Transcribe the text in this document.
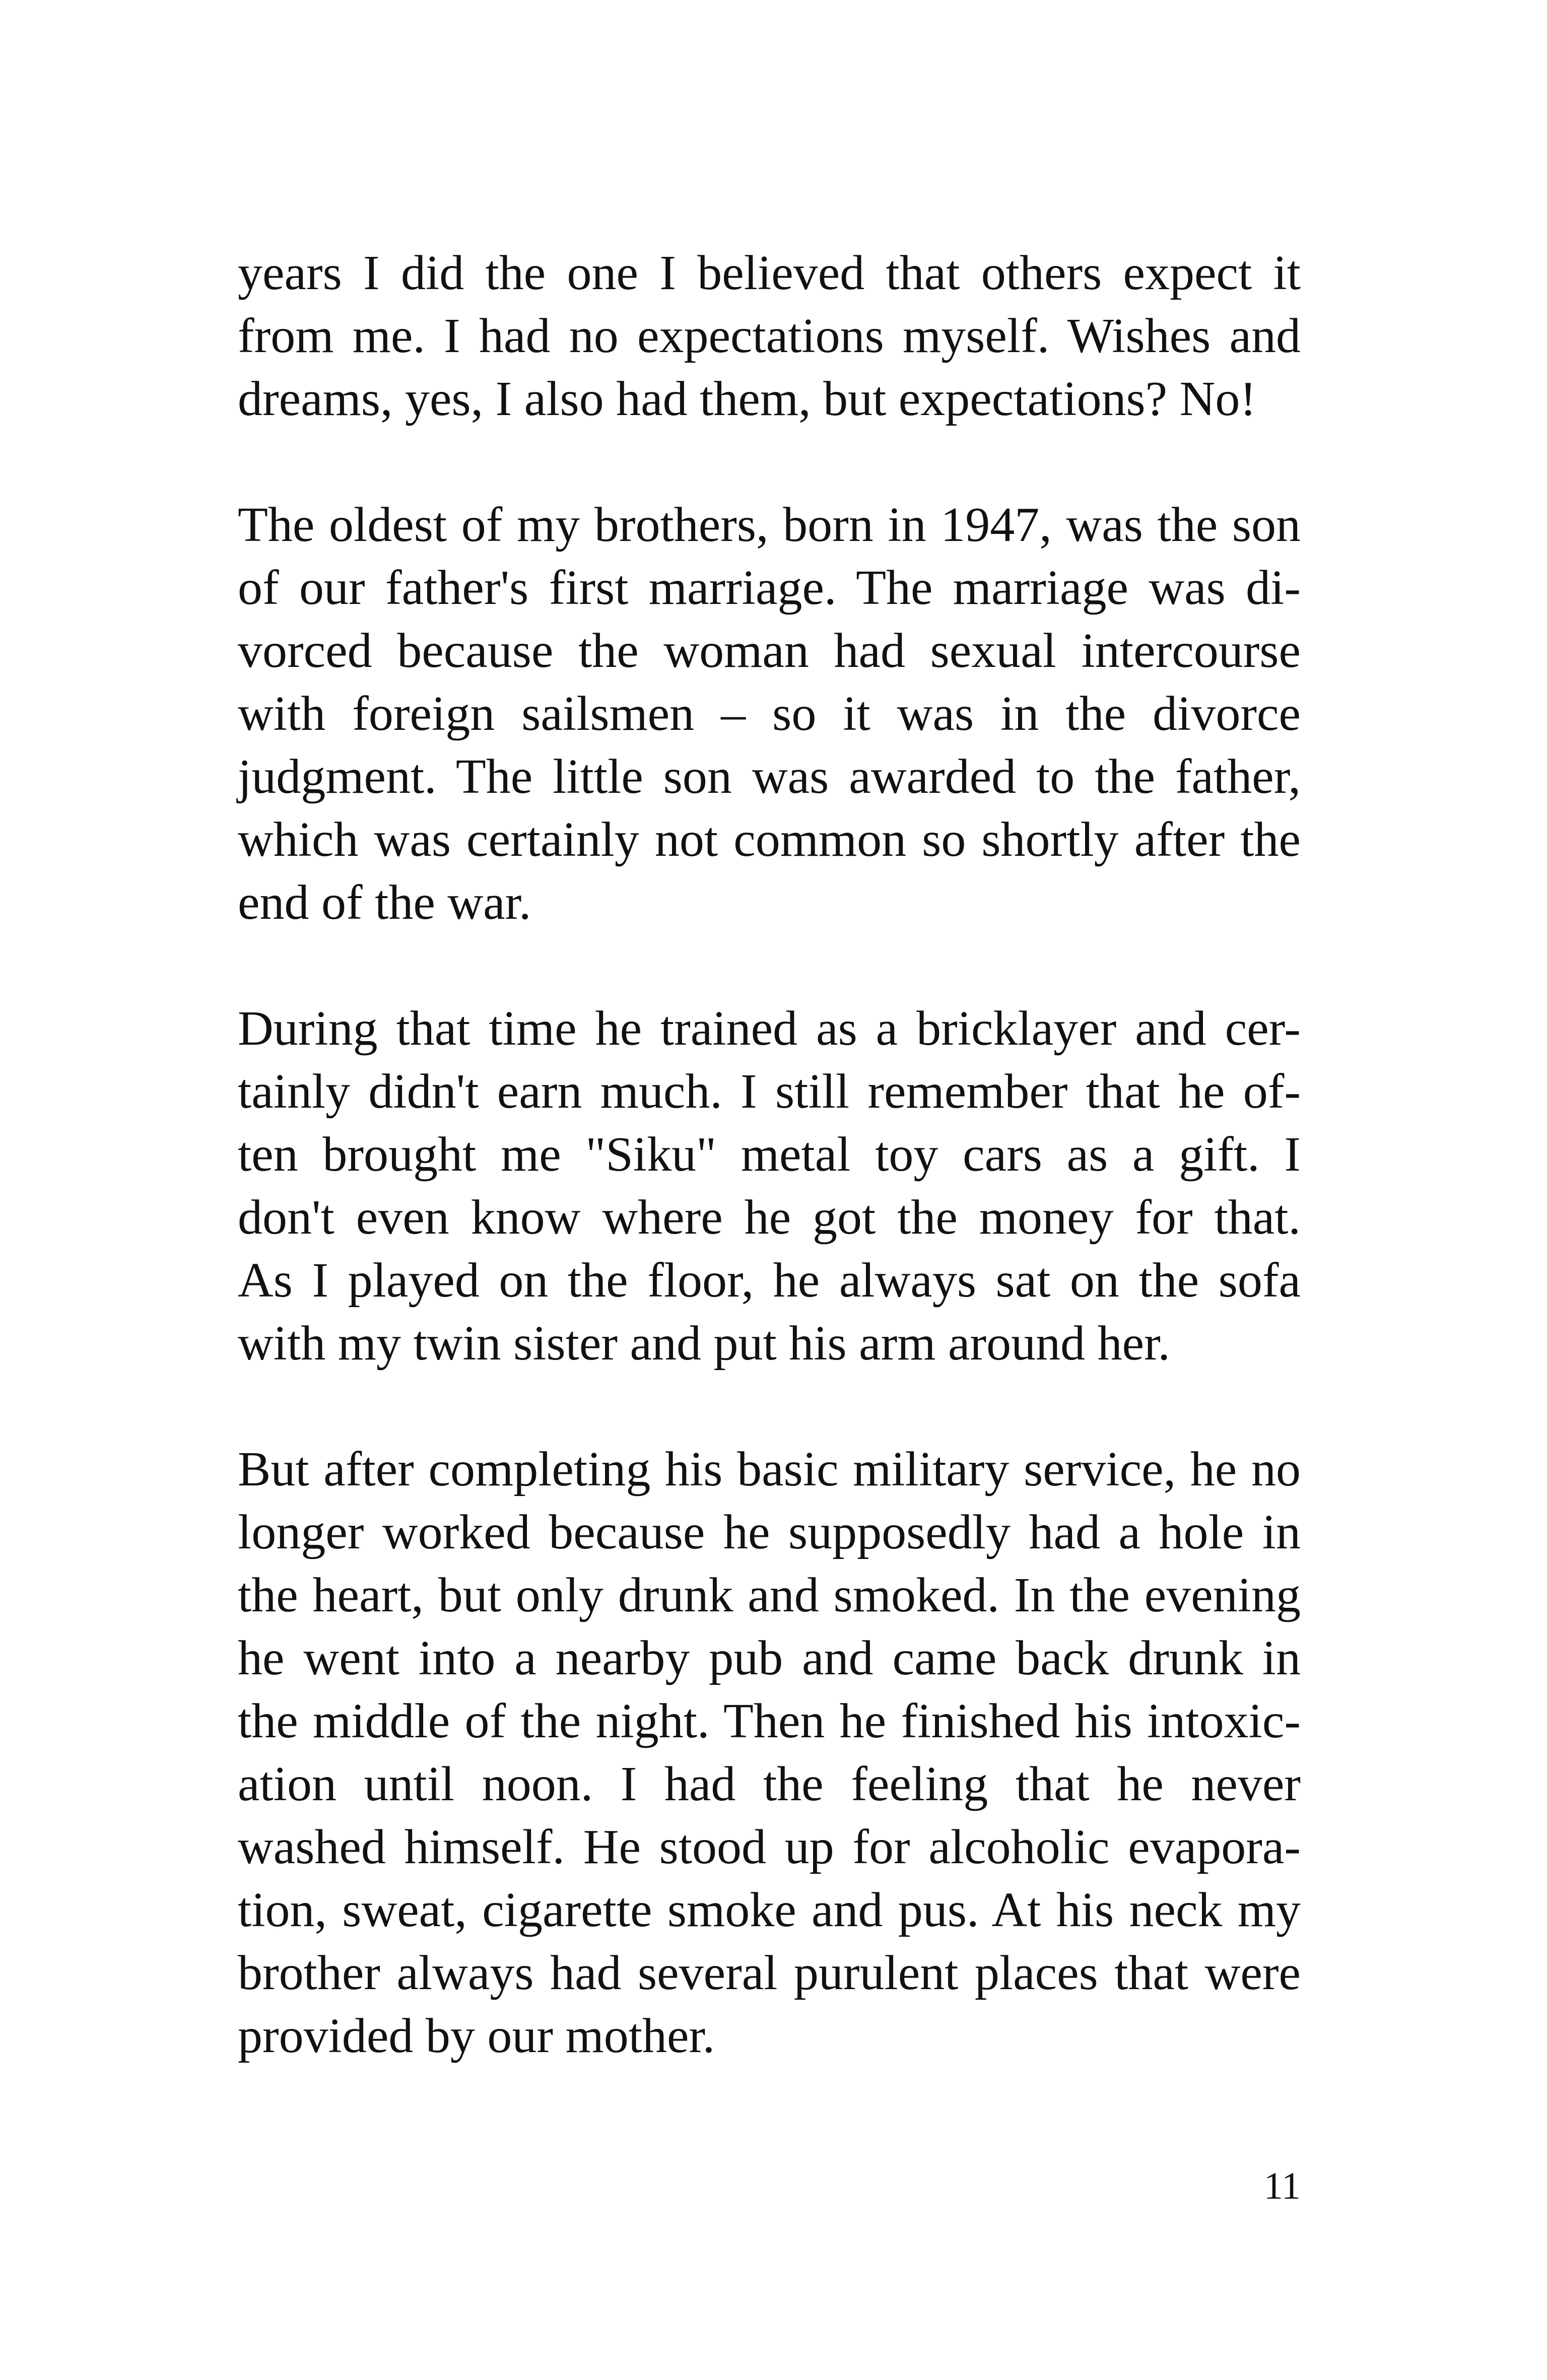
years I did the one I believed that others expect it
from me. I had no expectations myself. Wishes and
dreams, yes, I also had them, but expectations? No!

The oldest of my brothers, born in 1947, was the son
of our father's first marriage. The marriage was di-
vorced because the woman had sexual intercourse
with foreign sailsmen – so it was in the divorce
judgment. The little son was awarded to the father,
which was certainly not common so shortly after the
end of the war.

During that time he trained as a bricklayer and cer-
tainly didn't earn much. I still remember that he of-
ten brought me "Siku" metal toy cars as a gift. I
don't even know where he got the money for that.
As I played on the floor, he always sat on the sofa
with my twin sister and put his arm around her.

But after completing his basic military service, he no
longer worked because he supposedly had a hole in
the heart, but only drunk and smoked. In the evening
he went into a nearby pub and came back drunk in
the middle of the night. Then he finished his intoxic-
ation until noon. I had the feeling that he never
washed himself. He stood up for alcoholic evapora-
tion, sweat, cigarette smoke and pus. At his neck my
brother always had several purulent places that were
provided by our mother.

11
